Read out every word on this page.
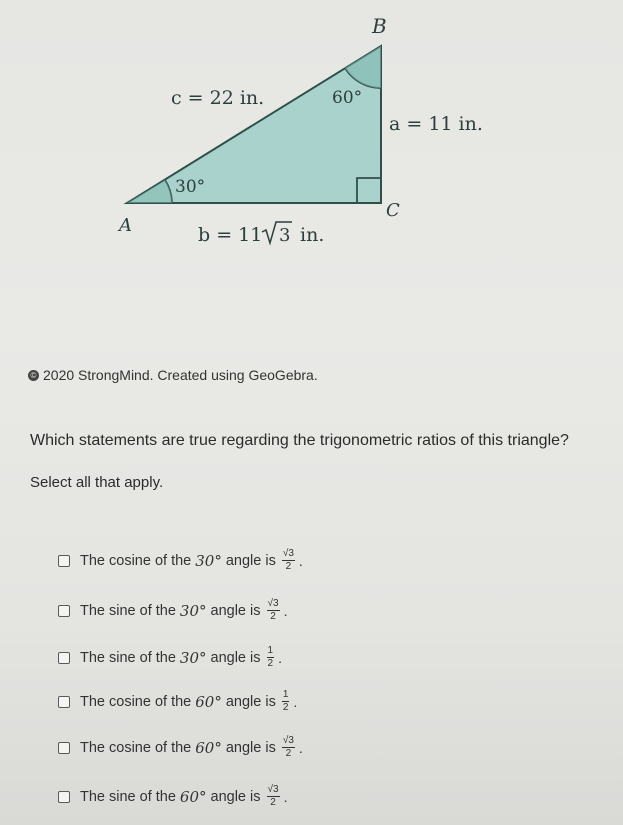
B
A
C
c = 22 in.
a = 11 in.
60°
30°
b = 11 3 in.
© 2020 StrongMind. Created using GeoGebra.
Which statements are true regarding the trigonometric ratios of this triangle?
Select all that apply.
The cosine of the 30° angle is $\frac{√3}{2}$ .
The sine of the 30° angle is $\frac{√3}{2}$ .
The sine of the 30° angle is $\frac{1}{2}$ .
The cosine of the 60° angle is $\frac{1}{2}$ .
The cosine of the 60° angle is $\frac{√3}{2}$ .
The sine of the 60° angle is $\frac{√3}{2}$ .
